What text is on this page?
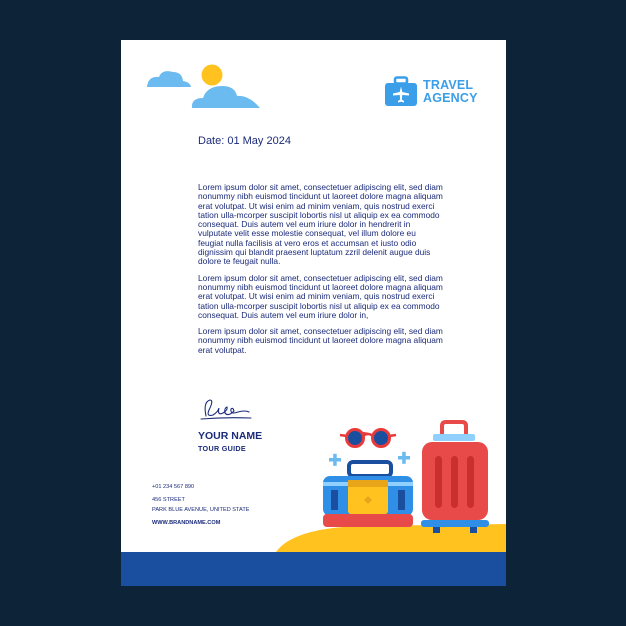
TRAVEL
AGENCY
Date: 01 May 2024

Lorem ipsum dolor sit amet, consectetuer adipiscing elit, sed diam nonummy nibh euismod tincidunt ut laoreet dolore magna aliquam erat volutpat. Ut wisi enim ad minim veniam, quis nostrud exerci tation ulla-mcorper suscipit lobortis nisl ut aliquip ex ea commodo consequat. Duis autem vel eum iriure dolor in hendrerit in vulputate velit esse molestie consequat, vel illum dolore eu feugiat nulla facilisis at vero eros et accumsan et iusto odio dignissim qui blandit praesent luptatum zzril delenit augue duis dolore te feugait nulla.

Lorem ipsum dolor sit amet, consectetuer adipiscing elit, sed diam nonummy nibh euismod tincidunt ut laoreet dolore magna aliquam erat volutpat. Ut wisi enim ad minim veniam, quis nostrud exerci tation ulla-mcorper suscipit lobortis nisl ut aliquip ex ea commodo consequat. Duis autem vel eum iriure dolor in,

Lorem ipsum dolor sit amet, consectetuer adipiscing elit, sed diam nonummy nibh euismod tincidunt ut laoreet dolore magna aliquam erat volutpat.

YOUR NAME
TOUR GUIDE
+01 234 567 890
456 STREET
PARK BLUE AVENUE, UNITED STATE
WWW.BRANDNAME.COM
